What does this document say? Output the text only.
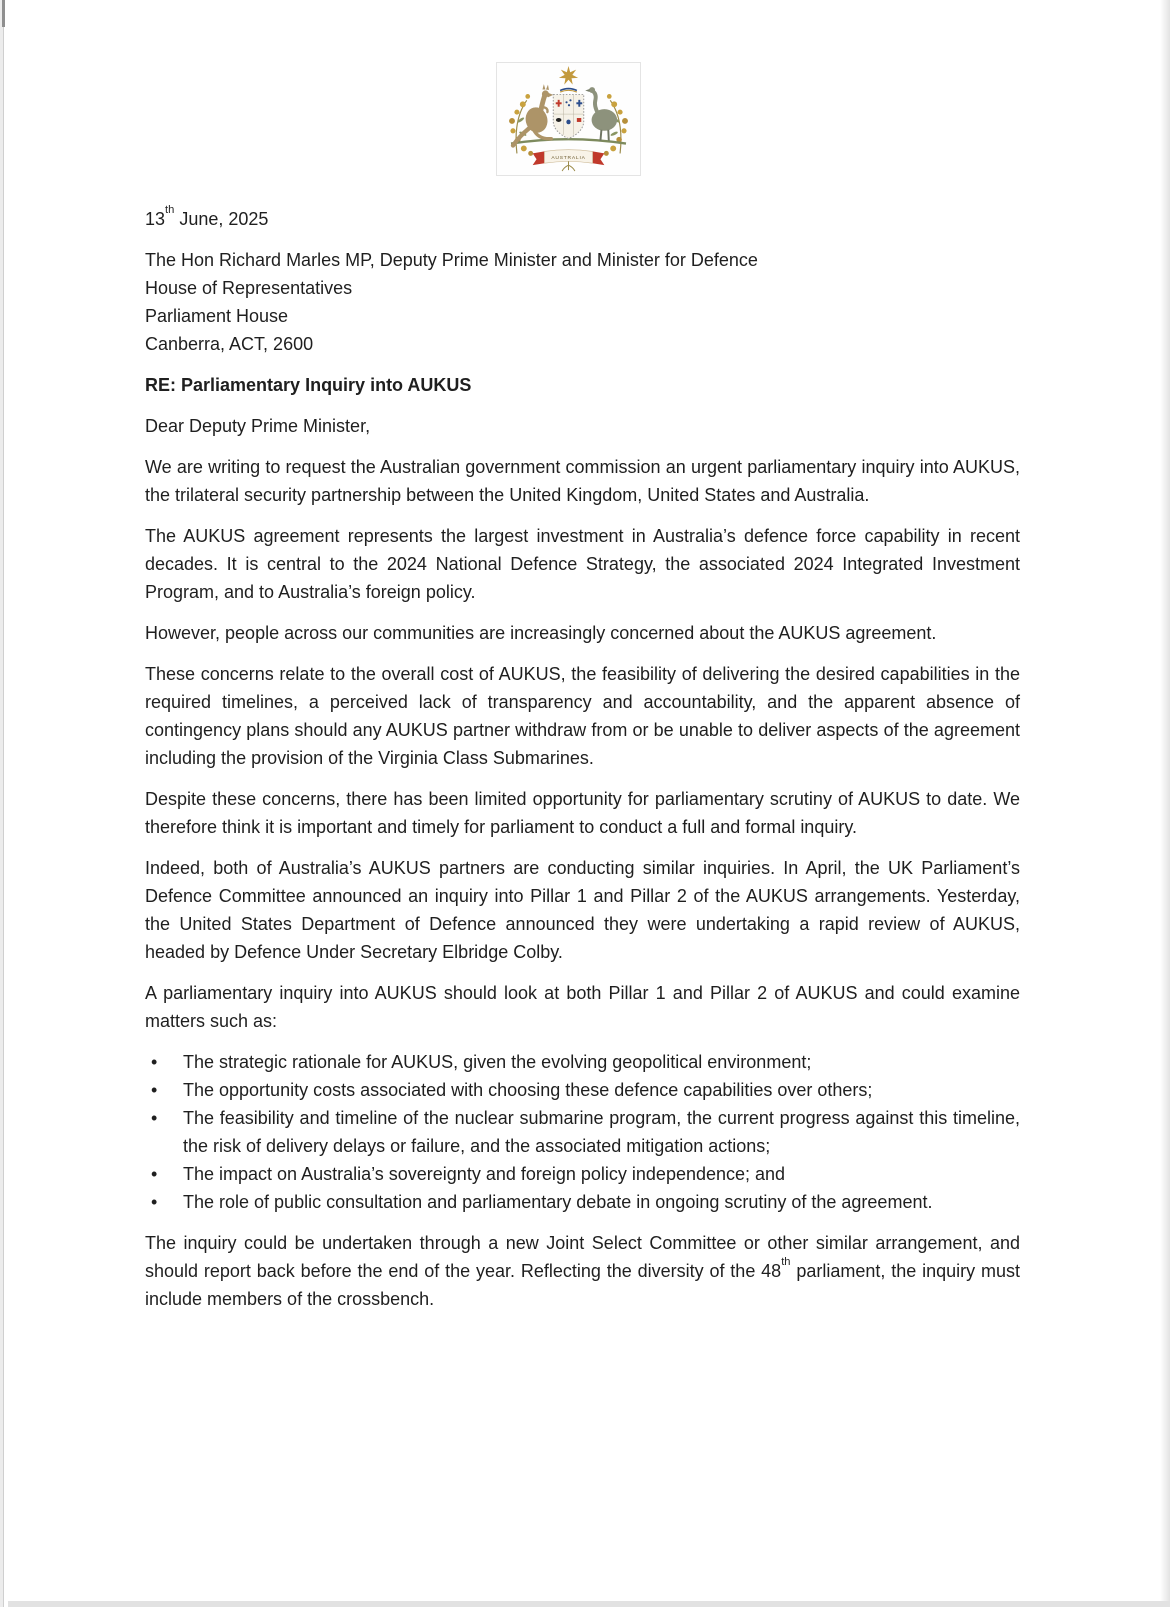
AUSTRALIA

13th June, 2025

The Hon Richard Marles MP, Deputy Prime Minister and Minister for Defence
House of Representatives
Parliament House
Canberra, ACT, 2600

RE: Parliamentary Inquiry into AUKUS

Dear Deputy Prime Minister,

We are writing to request the Australian government commission an urgent parliamentary inquiry into AUKUS, the trilateral security partnership between the United Kingdom, United States and Australia.

The AUKUS agreement represents the largest investment in Australia’s defence force capability in recent decades. It is central to the 2024 National Defence Strategy, the associated 2024 Integrated Investment Program, and to Australia’s foreign policy.

However, people across our communities are increasingly concerned about the AUKUS agreement.

These concerns relate to the overall cost of AUKUS, the feasibility of delivering the desired capabilities in the required timelines, a perceived lack of transparency and accountability, and the apparent absence of contingency plans should any AUKUS partner withdraw from or be unable to deliver aspects of the agreement including the provision of the Virginia Class Submarines.

Despite these concerns, there has been limited opportunity for parliamentary scrutiny of AUKUS to date. We therefore think it is important and timely for parliament to conduct a full and formal inquiry.

Indeed, both of Australia’s AUKUS partners are conducting similar inquiries. In April, the UK Parliament’s Defence Committee announced an inquiry into Pillar 1 and Pillar 2 of the AUKUS arrangements. Yesterday, the United States Department of Defence announced they were undertaking a rapid review of AUKUS, headed by Defence Under Secretary Elbridge Colby.

A parliamentary inquiry into AUKUS should look at both Pillar 1 and Pillar 2 of AUKUS and could examine matters such as:

• The strategic rationale for AUKUS, given the evolving geopolitical environment;
• The opportunity costs associated with choosing these defence capabilities over others;
• The feasibility and timeline of the nuclear submarine program, the current progress against this timeline, the risk of delivery delays or failure, and the associated mitigation actions;
• The impact on Australia’s sovereignty and foreign policy independence; and
• The role of public consultation and parliamentary debate in ongoing scrutiny of the agreement.

The inquiry could be undertaken through a new Joint Select Committee or other similar arrangement, and should report back before the end of the year. Reflecting the diversity of the 48th parliament, the inquiry must include members of the crossbench.
